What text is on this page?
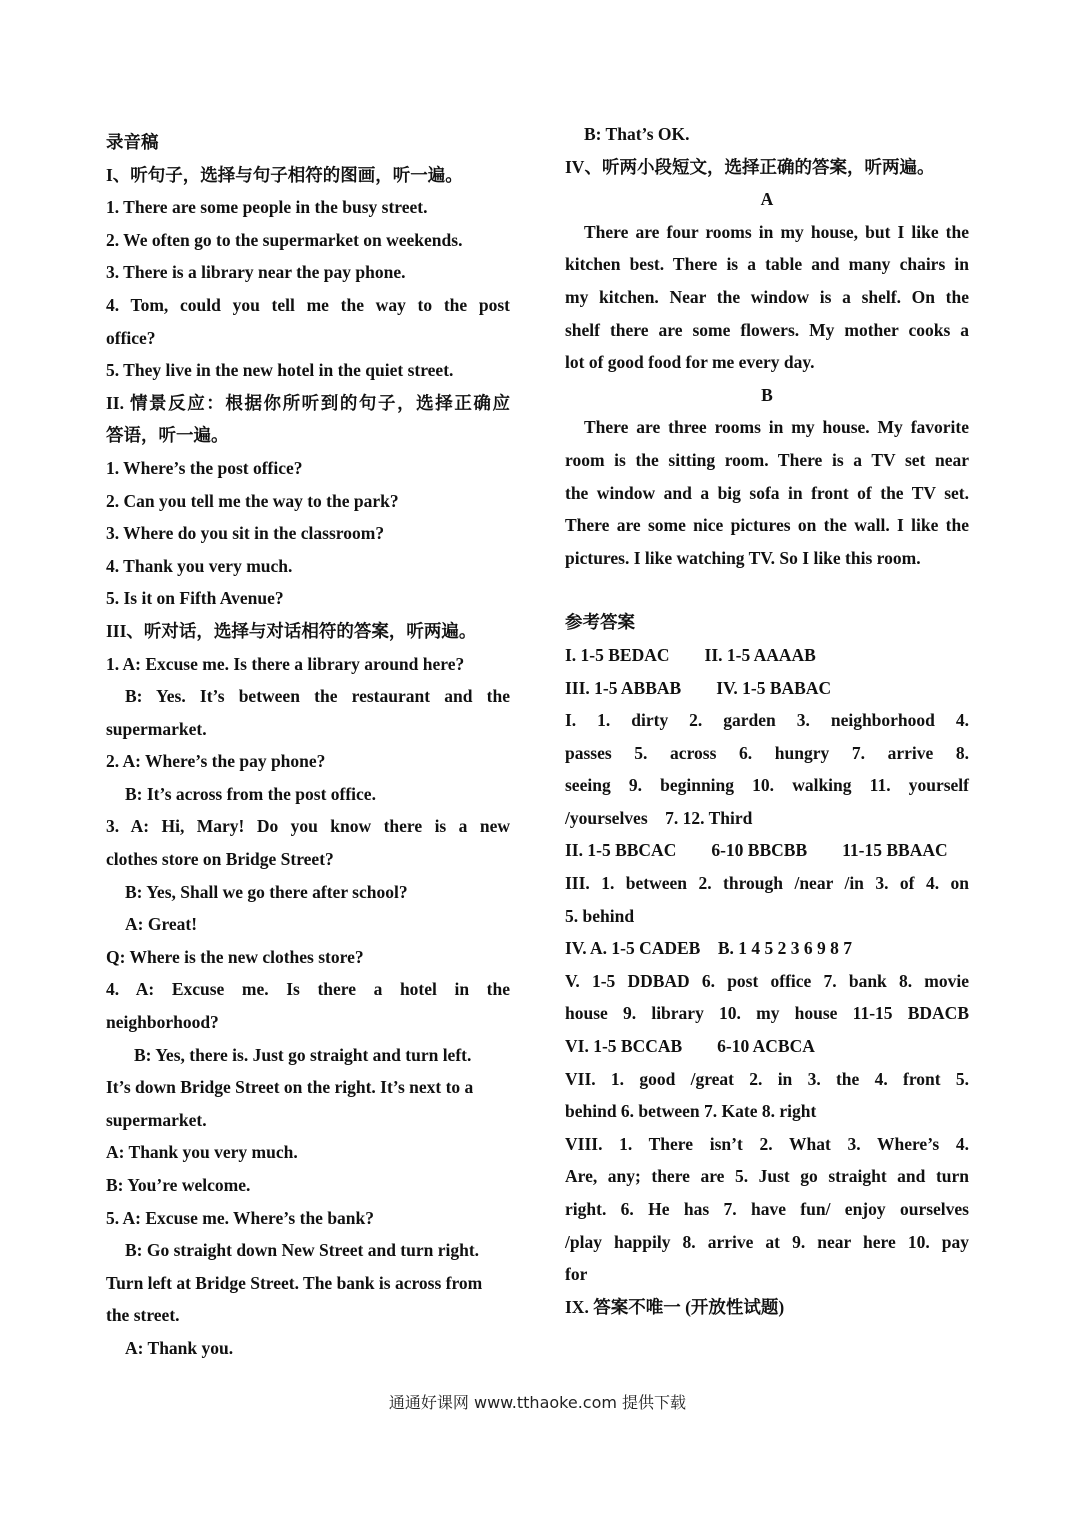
录音稿

I、听句子，选择与句子相符的图画，听一遍。

1. There are some people in the busy street.

2. We often go to the supermarket on weekends.

3. There is a library near the pay phone.

4. Tom, could you tell me the way to the post

office?

5. They live in the new hotel in the quiet street.

II. 情景反应：根据你所听到的句子，选择正确应

答语，听一遍。

1. Where’s the post office?

2. Can you tell me the way to the park?

3. Where do you sit in the classroom?

4. Thank you very much.

5. Is it on Fifth Avenue?

III、听对话，选择与对话相符的答案，听两遍。

1. A: Excuse me. Is there a library around here?

B: Yes. It’s between the restaurant and the

supermarket.

2. A: Where’s the pay phone?

B: It’s across from the post office.

3. A: Hi, Mary! Do you know there is a new

clothes store on Bridge Street?

B: Yes, Shall we go there after school?

A: Great!

Q: Where is the new clothes store?

4. A: Excuse me. Is there a hotel in the

neighborhood?

B: Yes, there is. Just go straight and turn left.

It’s down Bridge Street on the right. It’s next to a

supermarket.

A: Thank you very much.

B: You’re welcome.

5. A: Excuse me. Where’s the bank?

B: Go straight down New Street and turn right.

Turn left at Bridge Street. The bank is across from

the street.

A: Thank you.

B: That’s OK.

IV、听两小段短文，选择正确的答案，听两遍。

A

There are four rooms in my house, but I like the

kitchen best. There is a table and many chairs in

my kitchen. Near the window is a shelf. On the

shelf there are some flowers. My mother cooks a

lot of good food for me every day.

B

There are three rooms in my house. My favorite

room is the sitting room. There is a TV set near

the window and a big sofa in front of the TV set.

There are some nice pictures on the wall. I like the

pictures. I like watching TV. So I like this room.

参考答案

I. 1-5 BEDAC  II. 1-5 AAAAB

III. 1-5 ABBAB  IV. 1-5 BABAC

I. 1. dirty 2. garden 3. neighborhood 4.

passes 5. across 6. hungry 7. arrive 8.

seeing 9. beginning 10. walking 11. yourself

/yourselves 7. 12. Third

II. 1-5 BBCAC  6-10 BBCBB  11-15 BBAAC

III. 1. between 2. through /near /in 3. of 4. on

5. behind

IV. A. 1-5 CADEB B. 1 4 5 2 3 6 9 8 7

V. 1-5 DDBAD 6. post office 7. bank 8. movie

house 9. library 10. my house 11-15 BDACB

VI. 1-5 BCCAB  6-10 ACBCA

VII. 1. good /great 2. in 3. the 4. front 5.

behind 6. between 7. Kate 8. right

VIII. 1. There isn’t 2. What 3. Where’s 4.

Are, any; there are 5. Just go straight and turn

right. 6. He has 7. have fun/ enjoy ourselves

/play happily 8. arrive at 9. near here 10. pay

for

IX. 答案不唯一 (开放性试题)

通通好课网 www.tthaoke.com 提供下载
